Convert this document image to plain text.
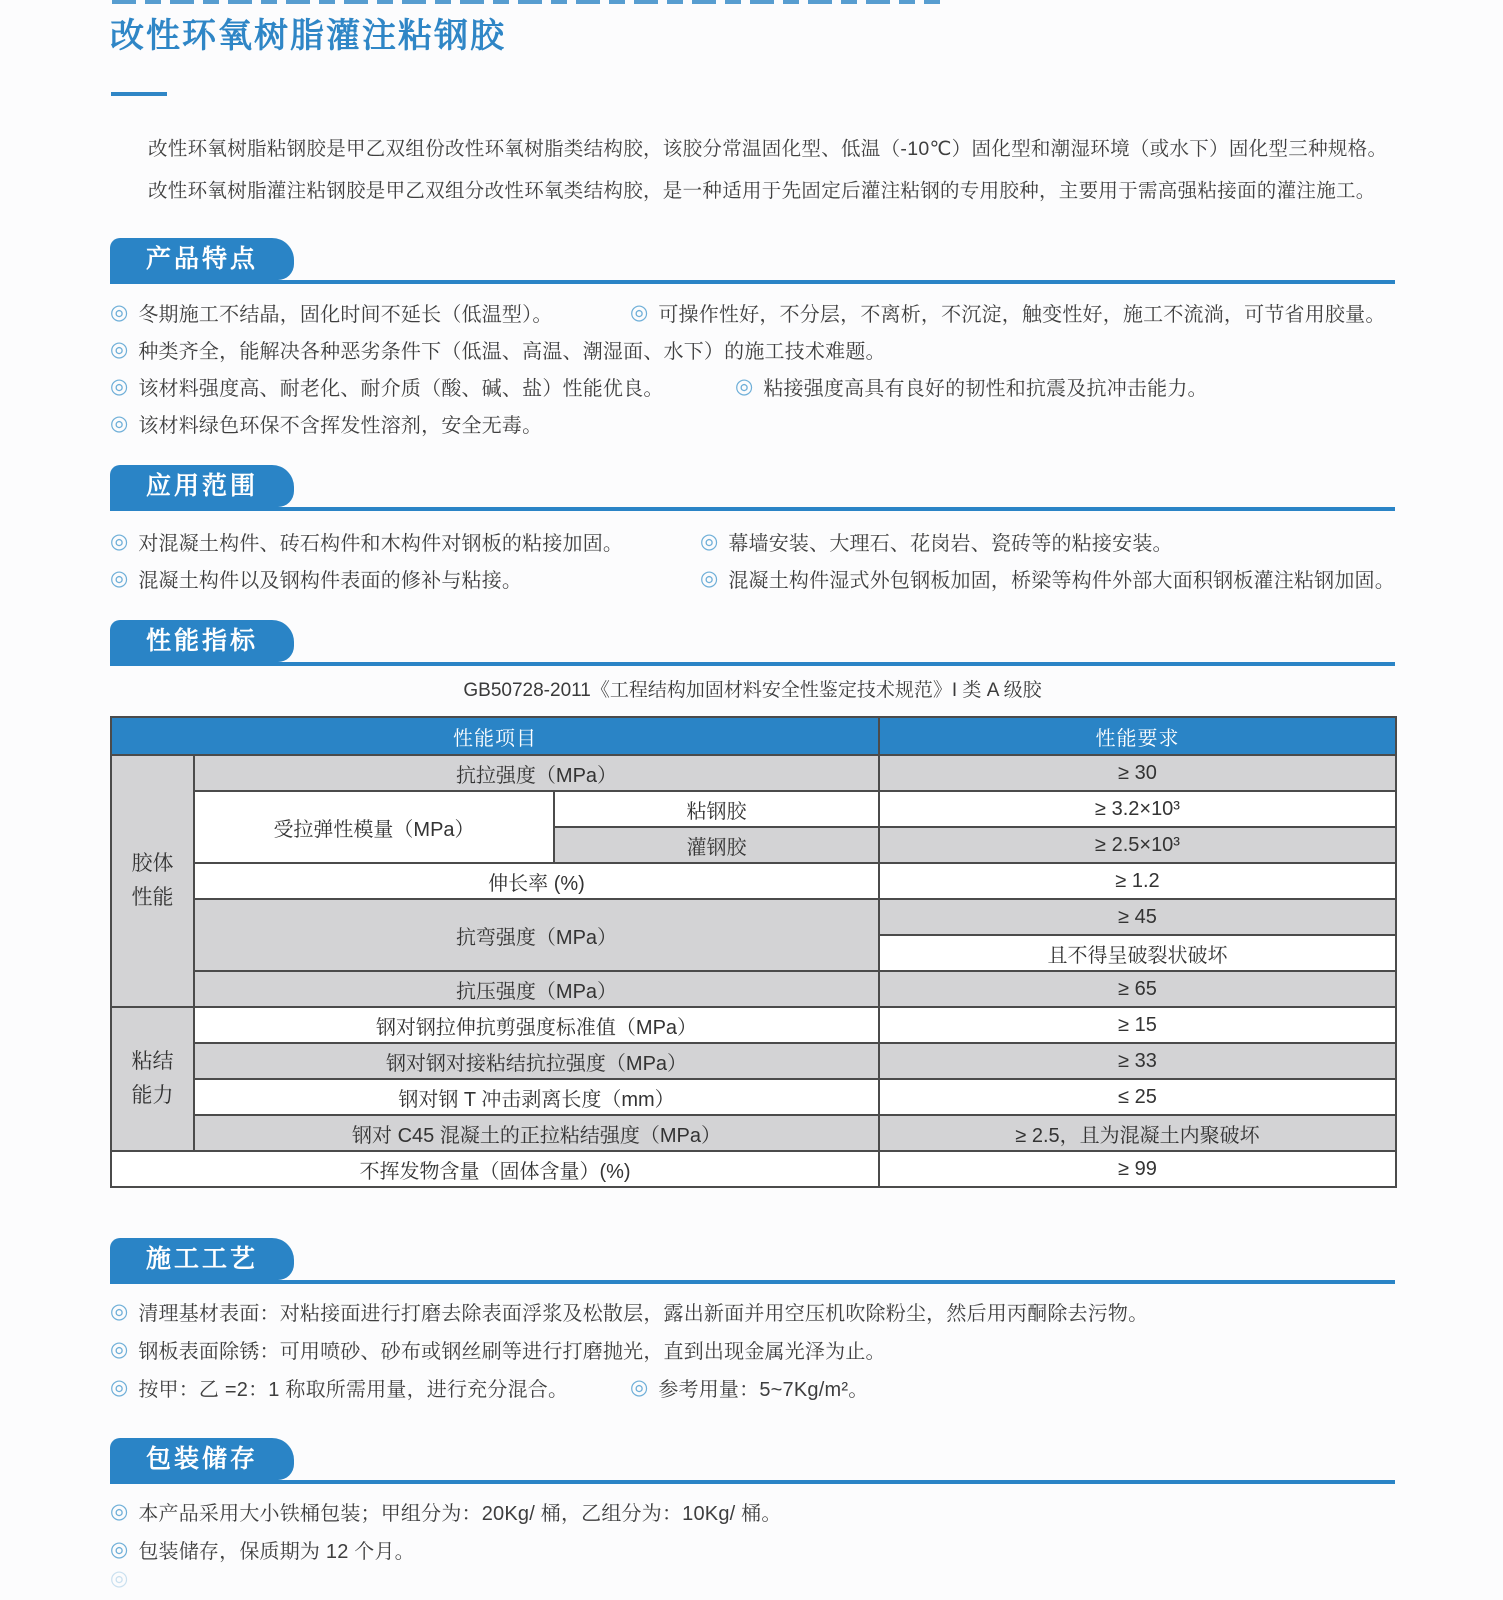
改性环氧树脂灌注粘钢胶

改性环氧树脂粘钢胶是甲乙双组份改性环氧树脂类结构胶，该胶分常温固化型、低温（-10℃）固化型和潮湿环境（或水下）固化型三种规格。

改性环氧树脂灌注粘钢胶是甲乙双组分改性环氧类结构胶，是一种适用于先固定后灌注粘钢的专用胶种，主要用于需高强粘接面的灌注施工。

产品特点
◎ 冬期施工不结晶，固化时间不延长（低温型）。	◎ 可操作性好，不分层，不离析，不沉淀，触变性好，施工不流淌，可节省用胶量。
◎ 种类齐全，能解决各种恶劣条件下（低温、高温、潮湿面、水下）的施工技术难题。
◎ 该材料强度高、耐老化、耐介质（酸、碱、盐）性能优良。	◎ 粘接强度高具有良好的韧性和抗震及抗冲击能力。
◎ 该材料绿色环保不含挥发性溶剂，安全无毒。
应用范围
◎ 对混凝土构件、砖石构件和木构件对钢板的粘接加固。	◎ 幕墙安装、大理石、花岗岩、瓷砖等的粘接安装。
◎ 混凝土构件以及钢构件表面的修补与粘接。	◎ 混凝土构件湿式外包钢板加固，桥梁等构件外部大面积钢板灌注粘钢加固。
性能指标
GB50728-2011《工程结构加固材料安全性鉴定技术规范》I 类 A 级胶
性能项目			性能要求
胶体性能	抗拉强度（MPa）		≥ 30
	受拉弹性模量（MPa）	粘钢胶	≥ 3.2×10³
		灌钢胶	≥ 2.5×10³
	伸长率 (%)		≥ 1.2
	抗弯强度（MPa）		≥ 45
			且不得呈破裂状破坏
	抗压强度（MPa）		≥ 65
粘结能力	钢对钢拉伸抗剪强度标准值（MPa）		≥ 15
	钢对钢对接粘结抗拉强度（MPa）		≥ 33
	钢对钢 T 冲击剥离长度（mm）		≤ 25
	钢对 C45 混凝土的正拉粘结强度（MPa）		≥ 2.5，且为混凝土内聚破坏
不挥发物含量（固体含量）(%)			≥ 99
施工工艺
◎ 清理基材表面：对粘接面进行打磨去除表面浮浆及松散层，露出新面并用空压机吹除粉尘，然后用丙酮除去污物。
◎ 钢板表面除锈：可用喷砂、砂布或钢丝刷等进行打磨抛光，直到出现金属光泽为止。
◎ 按甲：乙 =2：1 称取所需用量，进行充分混合。	◎ 参考用量：5~7Kg/m²。
包装储存
◎ 本产品采用大小铁桶包装；甲组分为：20Kg/ 桶，乙组分为：10Kg/ 桶。
◎ 包装储存，保质期为 12 个月。
◎
